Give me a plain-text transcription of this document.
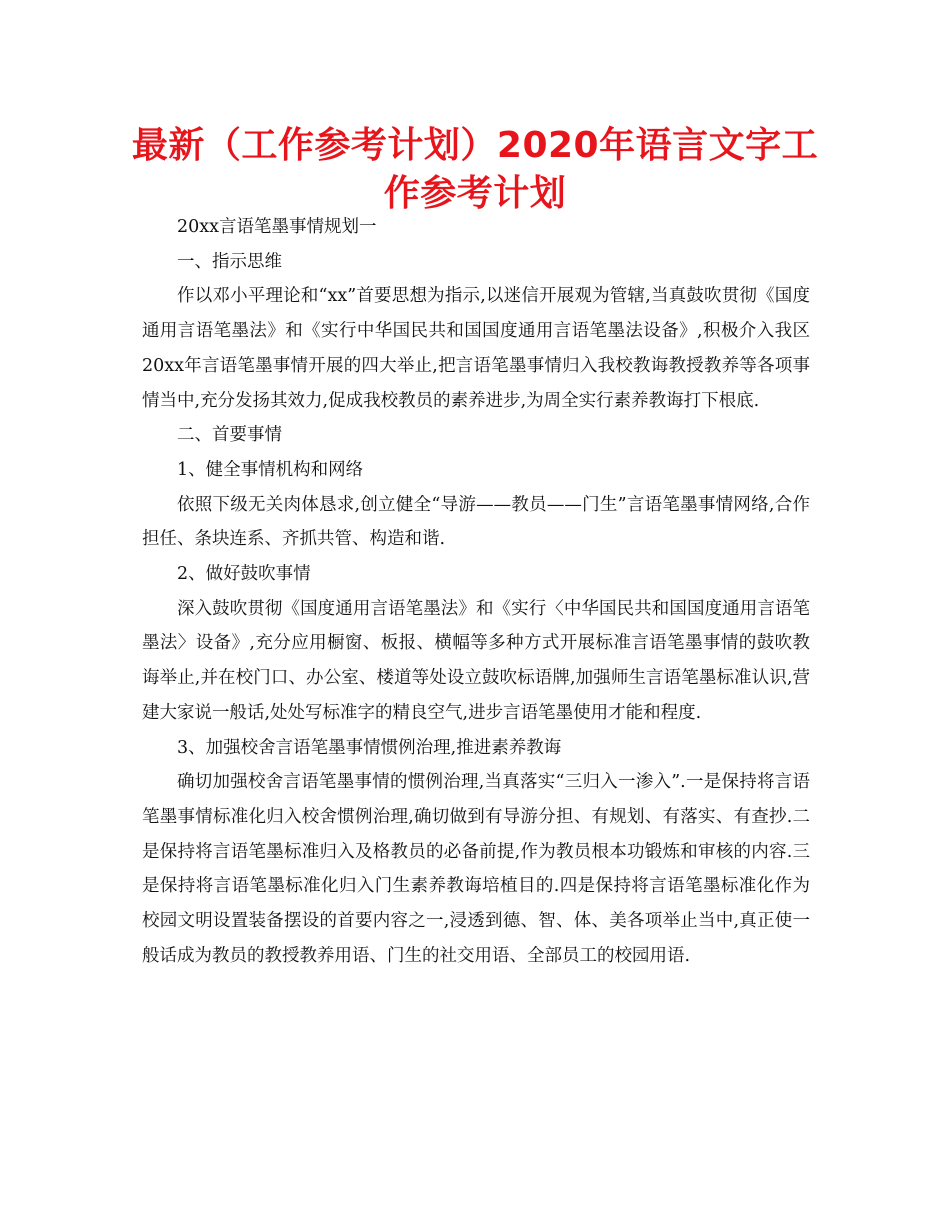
最新（工作参考计划）2020年语言文字工作参考计划

20xx言语笔墨事情规划一

一、指示思维

作以邓小平理论和“xx”首要思想为指示,以迷信开展观为管辖,当真鼓吹贯彻《国度通用言语笔墨法》和《实行中华国民共和国国度通用言语笔墨法设备》,积极介入我区20xx年言语笔墨事情开展的四大举止,把言语笔墨事情归入我校教诲教授教养等各项事情当中,充分发扬其效力,促成我校教员的素养进步,为周全实行素养教诲打下根底.

二、首要事情

1、健全事情机构和网络

依照下级无关肉体恳求,创立健全“导游——教员——门生”言语笔墨事情网络,合作担任、条块连系、齐抓共管、构造和谐.

2、做好鼓吹事情

深入鼓吹贯彻《国度通用言语笔墨法》和《实行〈中华国民共和国国度通用言语笔墨法〉设备》,充分应用橱窗、板报、横幅等多种方式开展标准言语笔墨事情的鼓吹教诲举止,并在校门口、办公室、楼道等处设立鼓吹标语牌,加强师生言语笔墨标准认识,营建大家说一般话,处处写标准字的精良空气,进步言语笔墨使用才能和程度.

3、加强校舍言语笔墨事情惯例治理,推进素养教诲

确切加强校舍言语笔墨事情的惯例治理,当真落实“三归入一渗入”.一是保持将言语笔墨事情标准化归入校舍惯例治理,确切做到有导游分担、有规划、有落实、有查抄.二是保持将言语笔墨标准归入及格教员的必备前提,作为教员根本功锻炼和审核的内容.三是保持将言语笔墨标准化归入门生素养教诲培植目的.四是保持将言语笔墨标准化作为校园文明设置装备摆设的首要内容之一,浸透到德、智、体、美各项举止当中,真正使一般话成为教员的教授教养用语、门生的社交用语、全部员工的校园用语.
